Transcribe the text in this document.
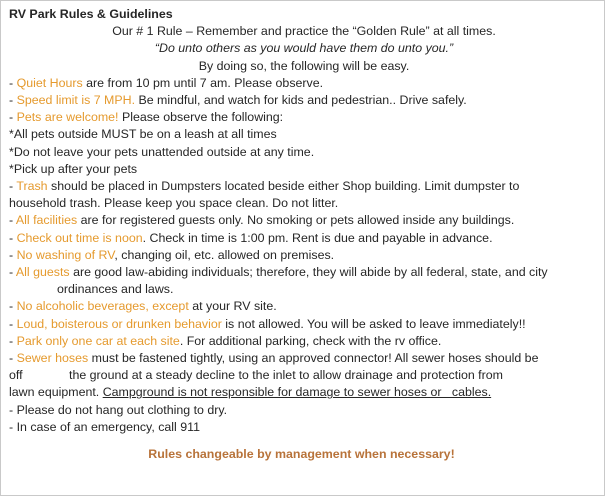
RV Park Rules & Guidelines
Our # 1 Rule – Remember and practice the “Golden Rule” at all times.
“Do unto others as you would have them do unto you.”
By doing so, the following will be easy.
- Quiet Hours are from 10 pm until 7 am. Please observe.
- Speed limit is 7 MPH. Be mindful, and watch for kids and pedestrian.. Drive safely.
- Pets are welcome! Please observe the following:
*All pets outside MUST be on a leash at all times
*Do not leave your pets unattended outside at any time.
*Pick up after your pets
- Trash should be placed in Dumpsters located beside either Shop building. Limit dumpster to
household trash. Please keep you space clean. Do not litter.
- All facilities are for registered guests only. No smoking or pets allowed inside any buildings.
- Check out time is noon. Check in time is 1:00 pm. Rent is due and payable in advance.
- No washing of RV, changing oil, etc. allowed on premises.
- All guests are good law-abiding individuals; therefore, they will abide by all federal, state, and city
ordinances and laws.
- No alcoholic beverages, except at your RV site.
- Loud, boisterous or drunken behavior is not allowed. You will be asked to leave immediately!!
- Park only one car at each site. For additional parking, check with the rv office.
- Sewer hoses must be fastened tightly, using an approved connector! All sewer hoses should be
off	the ground at a steady decline to the inlet to allow drainage and protection from
lawn equipment. Campground is not responsible for damage to sewer hoses or   cables.
- Please do not hang out clothing to dry.
- In case of an emergency, call 911
Rules changeable by management when necessary!
